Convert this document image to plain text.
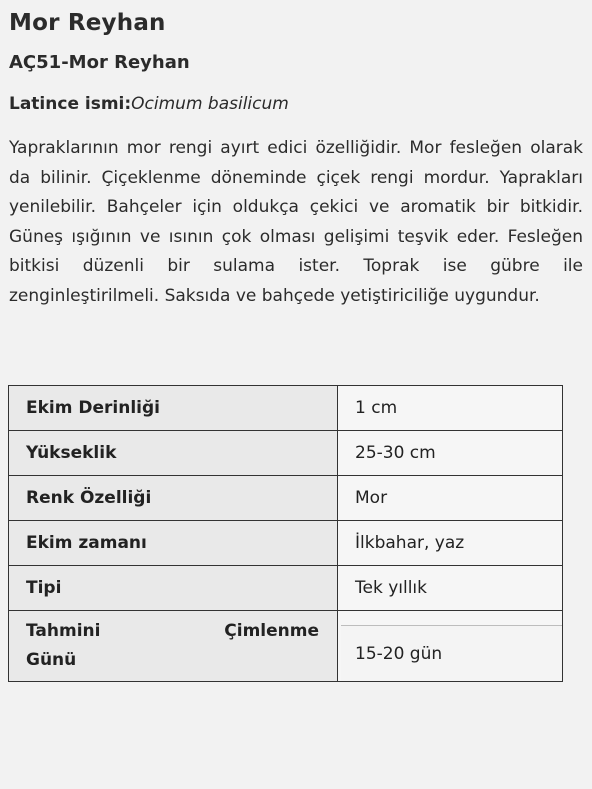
Mor Reyhan
AÇ51-Mor Reyhan
Latince ismi:Ocimum basilicum

Yapraklarının mor rengi ayırt edici özelliğidir. Mor fesleğen olarak da bilinir. Çiçeklenme döneminde çiçek rengi mordur. Yaprakları yenilebilir. Bahçeler için oldukça çekici ve aromatik bir bitkidir. Güneş ışığının ve ısının çok olması gelişimi teşvik eder. Fesleğen bitkisi düzenli bir sulama ister. Toprak ise gübre ile zenginleştirilmeli. Saksıda ve bahçede yetiştiriciliğe uygundur.

Ekim Derinliği	1 cm
Yükseklik	25-30 cm
Renk Özelliği	Mor
Ekim zamanı	İlkbahar, yaz
Tipi	Tek yıllık

Tahmini Çimlenme
Günü	15-20 gün
